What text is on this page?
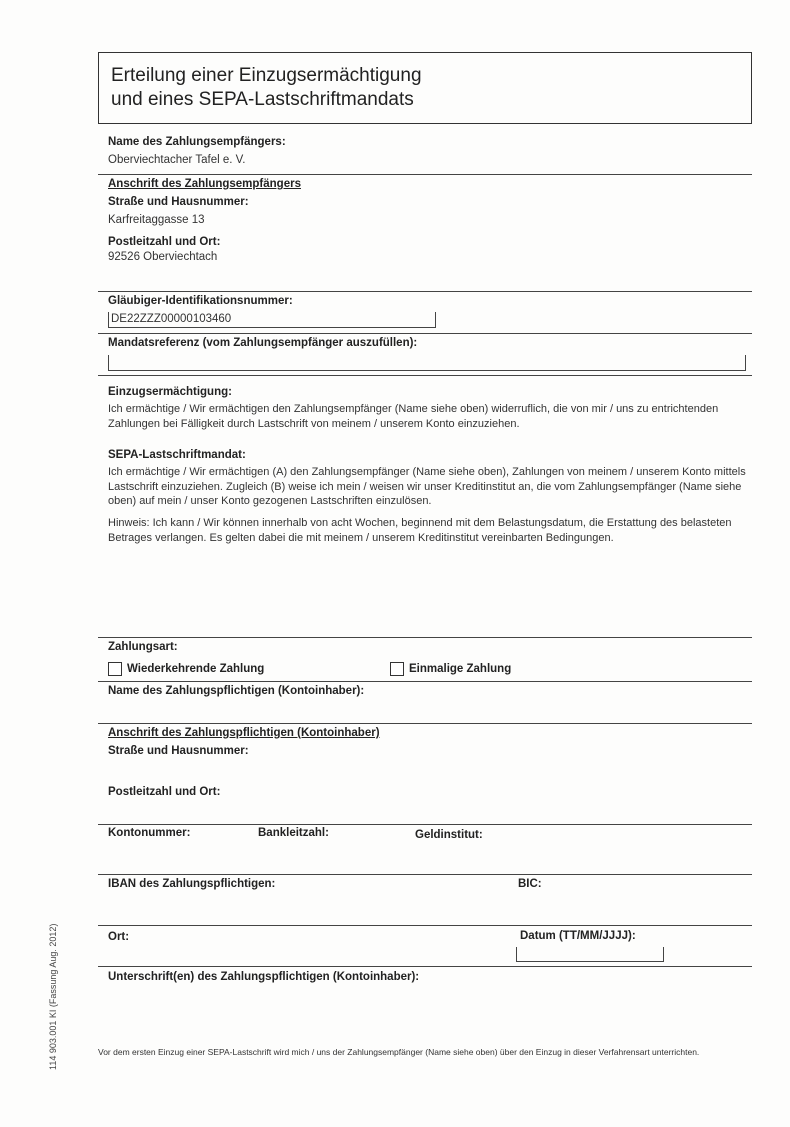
Erteilung einer Einzugsermächtigung
und eines SEPA-Lastschriftmandats
Name des Zahlungsempfängers:
Oberviechtacher Tafel e. V.
Anschrift des Zahlungsempfängers
Straße und Hausnummer:
Karfreitaggasse 13
Postleitzahl und Ort:
92526 Oberviechtach
Gläubiger-Identifikationsnummer:
DE22ZZZ00000103460
Mandatsreferenz (vom Zahlungsempfänger auszufüllen):
Einzugsermächtigung:
Ich ermächtige / Wir ermächtigen den Zahlungsempfänger (Name siehe oben) widerruflich, die von mir / uns zu entrichtenden Zahlungen bei Fälligkeit durch Lastschrift von meinem / unserem Konto einzuziehen.
SEPA-Lastschriftmandat:
Ich ermächtige / Wir ermächtigen (A) den Zahlungsempfänger (Name siehe oben), Zahlungen von meinem / unserem Konto mittels Lastschrift einzuziehen. Zugleich (B) weise ich mein / weisen wir unser Kreditinstitut an, die vom Zahlungsempfänger (Name siehe oben) auf mein / unser Konto gezogenen Lastschriften einzulösen.
Hinweis: Ich kann / Wir können innerhalb von acht Wochen, beginnend mit dem Belastungsdatum, die Erstattung des belasteten Betrages verlangen. Es gelten dabei die mit meinem / unserem Kreditinstitut vereinbarten Bedingungen.
Zahlungsart:
Wiederkehrende Zahlung	Einmalige Zahlung
Name des Zahlungspflichtigen (Kontoinhaber):
Anschrift des Zahlungspflichtigen (Kontoinhaber)
Straße und Hausnummer:
Postleitzahl und Ort:
Kontonummer:	Bankleitzahl:	Geldinstitut:
IBAN des Zahlungspflichtigen:	BIC:
Ort:	Datum (TT/MM/JJJJ):
Unterschrift(en) des Zahlungspflichtigen (Kontoinhaber):
114 903.001 KI (Fassung Aug. 2012)	Vor dem ersten Einzug einer SEPA-Lastschrift wird mich / uns der Zahlungsempfänger (Name siehe oben) über den Einzug in dieser Verfahrensart unterrichten.
